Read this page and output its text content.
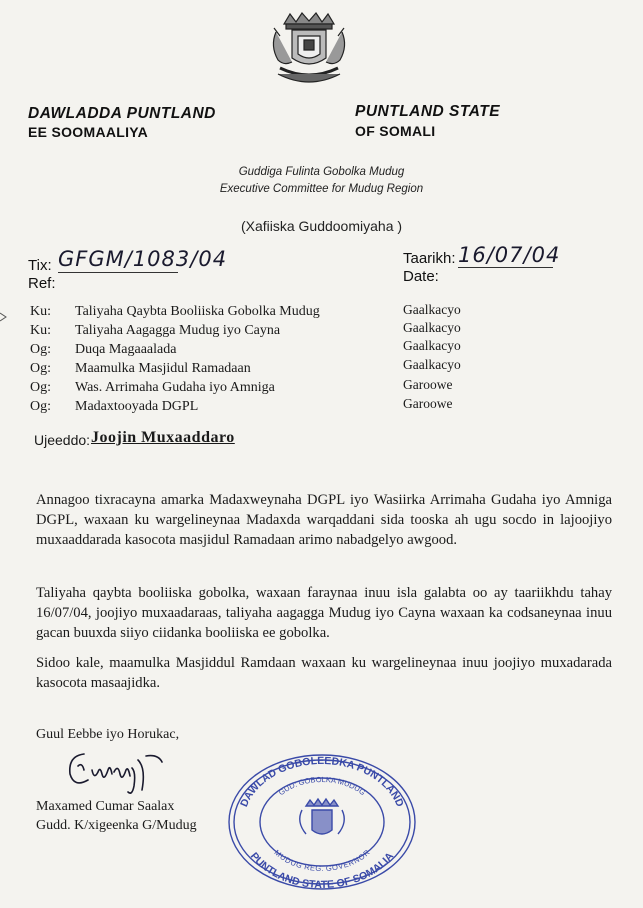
DAWLADDA PUNTLAND
EE SOOMAALIYA
PUNTLAND STATE
OF SOMALI
Guddiga Fulinta Gobolka Mudug
Executive Committee for Mudug Region
(Xafiiska Guddoomiyaha )
Tix:
Ref:
GFGM/1083/04	Taarikh:
Date:
16/07/04
Ku: Taliyaha Qaybta Booliiska Gobolka Mudug	Gaalkacyo
Ku: Taliyaha Aagagga Mudug iyo Cayna	Gaalkacyo
Og: Duqa Magaaalada	Gaalkacyo
Og: Maamulka Masjidul Ramadaan	Gaalkacyo
Og: Was. Arrimaha Gudaha iyo Amniga	Garoowe
Og: Madaxtooyada DGPL	Garoowe
Ujeeddo: Joojin Muxaaddaro
Annagoo tixracayna amarka Madaxweynaha DGPL iyo Wasiirka Arrimaha Gudaha iyo Amniga DGPL, waxaan ku wargelineynaa Madaxda warqaddani sida tooska ah ugu socdo in lajoojiyo muxaaddarada kasocota masjidul Ramadaan arimo nabadgelyo awgood.
Taliyaha qaybta booliiska gobolka, waxaan faraynaa inuu isla galabta oo ay taariikhdu tahay 16/07/04, joojiyo muxaadaraas, taliyaha aagagga Mudug iyo Cayna waxaan ka codsaneynaa inuu gacan buuxda siiyo ciidanka booliiska ee gobolka.
Sidoo kale, maamulka Masjiddul Ramdaan waxaan ku wargelineynaa inuu joojiyo muxadarada kasocota masaajidka.
Guul Eebbe iyo Horukac,
Maxamed Cumar Saalax
Gudd. K/xigeenka G/Mudug
DAWLAD GOBOLEEDKA PUNTLAND
PUNTLAND STATE OF SOMALIA
GUD: GOBOLKA MUDUG
MUDUG REG. GOVERNOR
